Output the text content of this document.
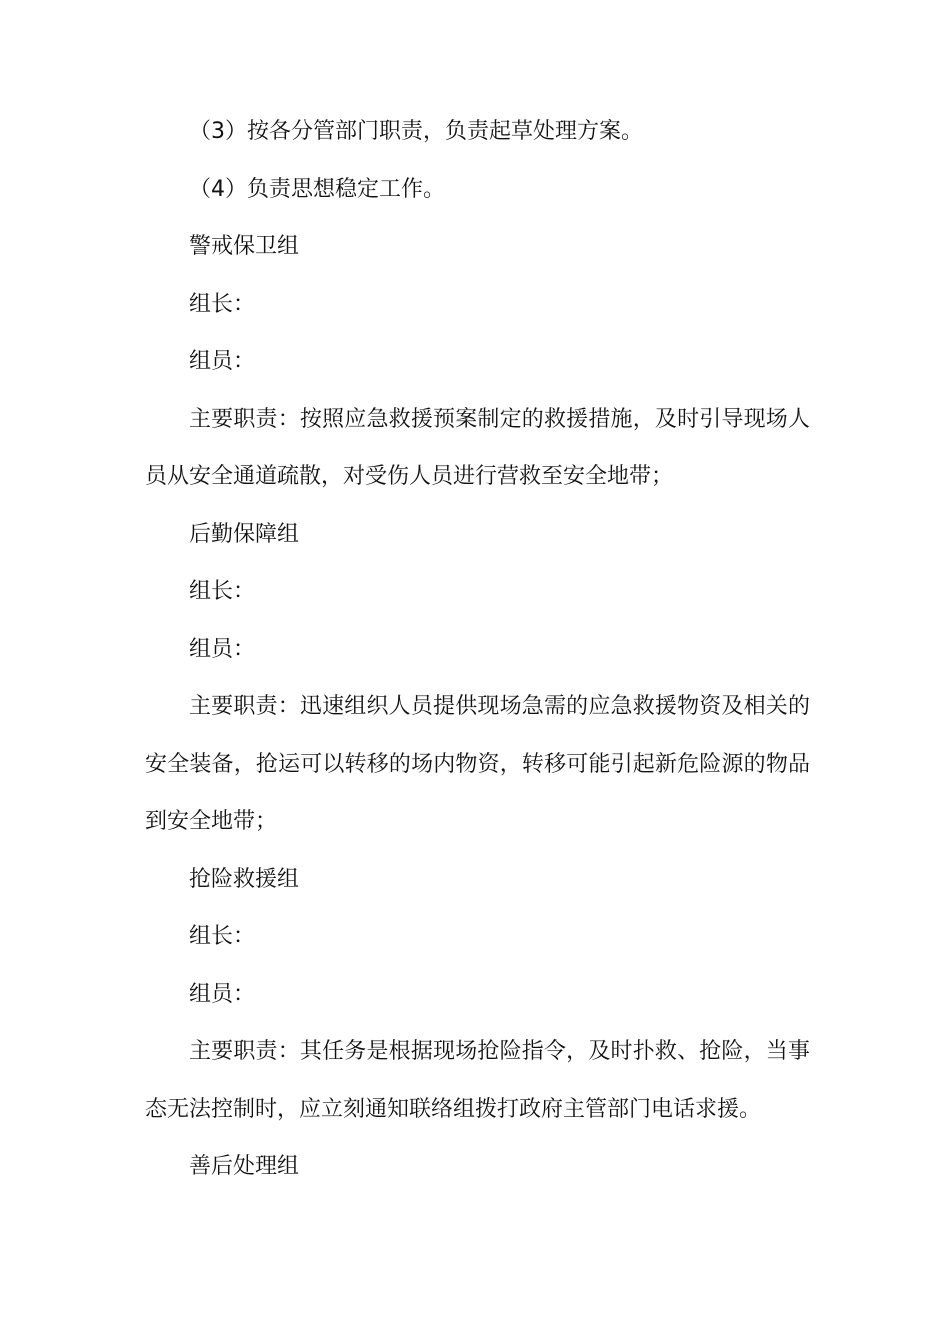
（3）按各分管部门职责，负责起草处理方案。

（4）负责思想稳定工作。

警戒保卫组

组长：

组员：

主要职责：按照应急救援预案制定的救援措施，及时引导现场人员从安全通道疏散，对受伤人员进行营救至安全地带；

后勤保障组

组长：

组员：

主要职责：迅速组织人员提供现场急需的应急救援物资及相关的安全装备，抢运可以转移的场内物资，转移可能引起新危险源的物品到安全地带；

抢险救援组

组长：

组员：

主要职责：其任务是根据现场抢险指令，及时扑救、抢险，当事态无法控制时，应立刻通知联络组拨打政府主管部门电话求援。

善后处理组
